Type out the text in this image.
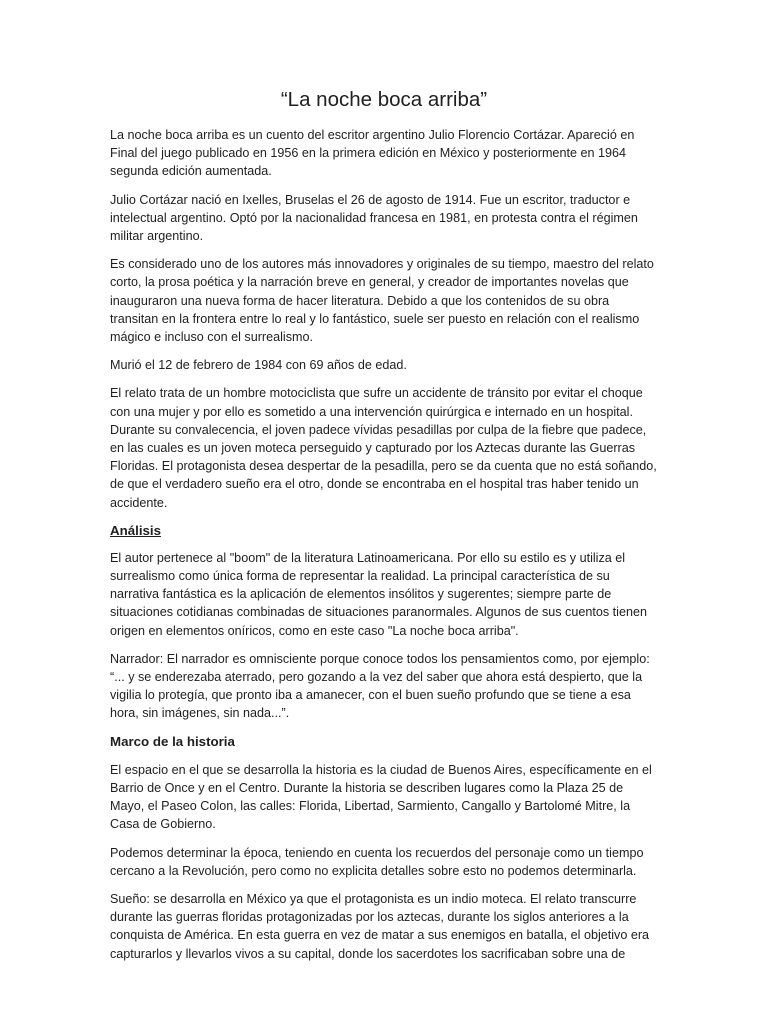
“La noche boca arriba”

La noche boca arriba es un cuento del escritor argentino Julio Florencio Cortázar. Apareció en Final del juego publicado en 1956 en la primera edición en México y posteriormente en 1964 segunda edición aumentada.

Julio Cortázar nació en Ixelles, Bruselas el 26 de agosto de 1914. Fue un escritor, traductor e intelectual argentino. Optó por la nacionalidad francesa en 1981, en protesta contra el régimen militar argentino.

Es considerado uno de los autores más innovadores y originales de su tiempo, maestro del relato corto, la prosa poética y la narración breve en general, y creador de importantes novelas que inauguraron una nueva forma de hacer literatura. Debido a que los contenidos de su obra transitan en la frontera entre lo real y lo fantástico, suele ser puesto en relación con el realismo mágico e incluso con el surrealismo.

Murió el 12 de febrero de 1984 con 69 años de edad.

El relato trata de un hombre motociclista que sufre un accidente de tránsito por evitar el choque con una mujer y por ello es sometido a una intervención quirúrgica e internado en un hospital. Durante su convalecencia, el joven padece vívidas pesadillas por culpa de la fiebre que padece, en las cuales es un joven moteca perseguido y capturado por los Aztecas durante las Guerras Floridas. El protagonista desea despertar de la pesadilla, pero se da cuenta que no está soñando, de que el verdadero sueño era el otro, donde se encontraba en el hospital tras haber tenido un accidente.

Análisis

El autor pertenece al "boom" de la literatura Latinoamericana. Por ello su estilo es y utiliza el surrealismo como única forma de representar la realidad. La principal característica de su narrativa fantástica es la aplicación de elementos insólitos y sugerentes; siempre parte de situaciones cotidianas combinadas de situaciones paranormales. Algunos de sus cuentos tienen origen en elementos oníricos, como en este caso "La noche boca arriba".

Narrador: El narrador es omnisciente porque conoce todos los pensamientos como, por ejemplo: “... y se enderezaba aterrado, pero gozando a la vez del saber que ahora está despierto, que la vigilia lo protegía, que pronto iba a amanecer, con el buen sueño profundo que se tiene a esa hora, sin imágenes, sin nada...”.

Marco de la historia

El espacio en el que se desarrolla la historia es la ciudad de Buenos Aires, específicamente en el Barrio de Once y en el Centro. Durante la historia se describen lugares como la Plaza 25 de Mayo, el Paseo Colon, las calles: Florida, Libertad, Sarmiento, Cangallo y Bartolomé Mitre, la Casa de Gobierno.

Podemos determinar la época, teniendo en cuenta los recuerdos del personaje como un tiempo cercano a la Revolución, pero como no explicita detalles sobre esto no podemos determinarla.

Sueño: se desarrolla en México ya que el protagonista es un indio moteca. El relato transcurre durante las guerras floridas protagonizadas por los aztecas, durante los siglos anteriores a la conquista de América. En esta guerra en vez de matar a sus enemigos en batalla, el objetivo era capturarlos y llevarlos vivos a su capital, donde los sacerdotes los sacrificaban sobre una de
